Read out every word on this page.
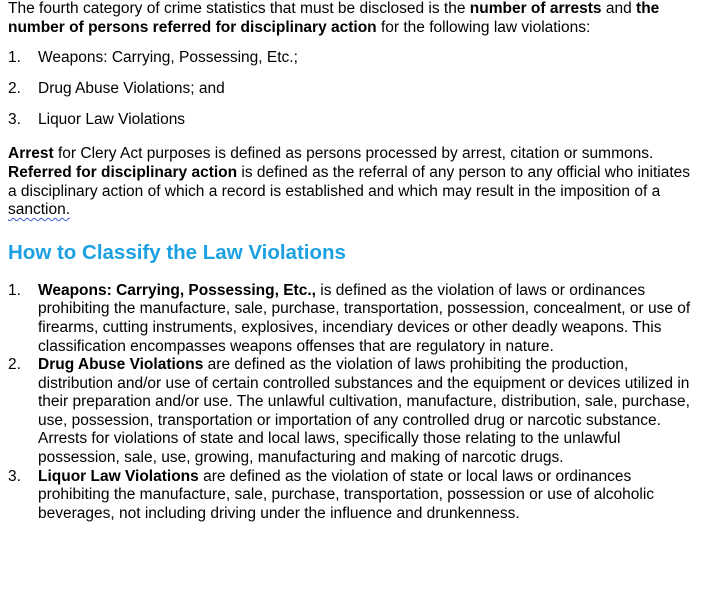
The fourth category of crime statistics that must be disclosed is the number of arrests and the number of persons referred for disciplinary action for the following law violations:

1. Weapons: Carrying, Possessing, Etc.;
2. Drug Abuse Violations; and
3. Liquor Law Violations

Arrest for Clery Act purposes is defined as persons processed by arrest, citation or summons.

Referred for disciplinary action is defined as the referral of any person to any official who initiates a disciplinary action of which a record is established and which may result in the imposition of a sanction.

How to Classify the Law Violations
1. Weapons: Carrying, Possessing, Etc., is defined as the violation of laws or ordinances prohibiting the manufacture, sale, purchase, transportation, possession, concealment, or use of firearms, cutting instruments, explosives, incendiary devices or other deadly weapons. This classification encompasses weapons offenses that are regulatory in nature.
2. Drug Abuse Violations are defined as the violation of laws prohibiting the production, distribution and/or use of certain controlled substances and the equipment or devices utilized in their preparation and/or use. The unlawful cultivation, manufacture, distribution, sale, purchase, use, possession, transportation or importation of any controlled drug or narcotic substance. Arrests for violations of state and local laws, specifically those relating to the unlawful possession, sale, use, growing, manufacturing and making of narcotic drugs.
3. Liquor Law Violations are defined as the violation of state or local laws or ordinances prohibiting the manufacture, sale, purchase, transportation, possession or use of alcoholic beverages, not including driving under the influence and drunkenness.
